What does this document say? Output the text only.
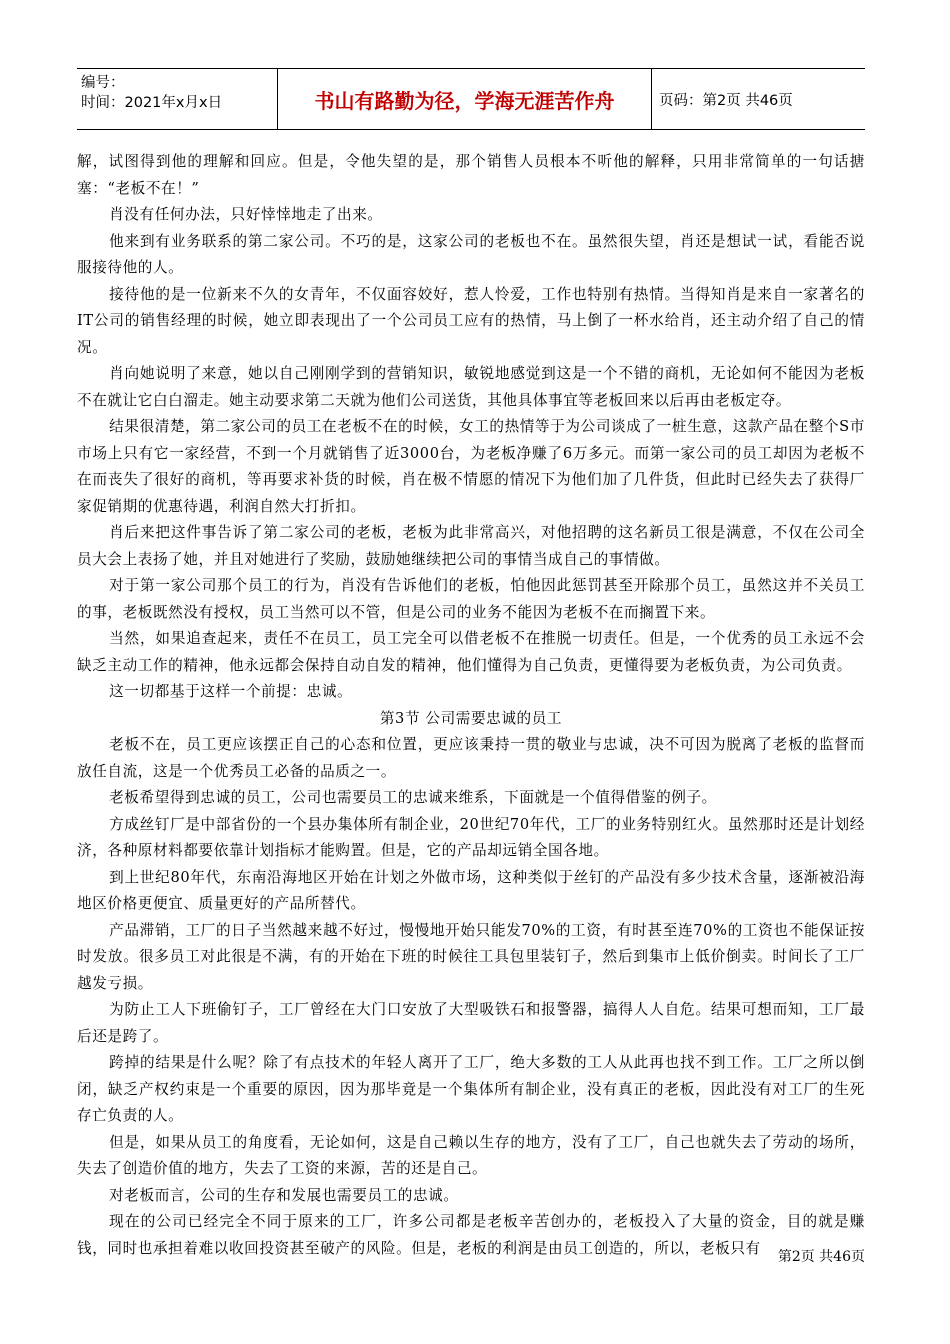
编号：
时间：2021年x月x日	书山有路勤为径，学海无涯苦作舟	页码：第2页 共46页

解，试图得到他的理解和回应。但是，令他失望的是，那个销售人员根本不听他的解释，只用非常简单的一句话搪塞：“老板不在！”

肖没有任何办法，只好悻悻地走了出来。

他来到有业务联系的第二家公司。不巧的是，这家公司的老板也不在。虽然很失望，肖还是想试一试，看能否说服接待他的人。

接待他的是一位新来不久的女青年，不仅面容姣好，惹人怜爱，工作也特别有热情。当得知肖是来自一家著名的IT公司的销售经理的时候，她立即表现出了一个公司员工应有的热情，马上倒了一杯水给肖，还主动介绍了自己的情况。

肖向她说明了来意，她以自己刚刚学到的营销知识，敏锐地感觉到这是一个不错的商机，无论如何不能因为老板不在就让它白白溜走。她主动要求第二天就为他们公司送货，其他具体事宜等老板回来以后再由老板定夺。

结果很清楚，第二家公司的员工在老板不在的时候，女工的热情等于为公司谈成了一桩生意，这款产品在整个S市市场上只有它一家经营，不到一个月就销售了近3000台，为老板净赚了6万多元。而第一家公司的员工却因为老板不在而丧失了很好的商机，等再要求补货的时候，肖在极不情愿的情况下为他们加了几件货，但此时已经失去了获得厂家促销期的优惠待遇，利润自然大打折扣。

肖后来把这件事告诉了第二家公司的老板，老板为此非常高兴，对他招聘的这名新员工很是满意，不仅在公司全员大会上表扬了她，并且对她进行了奖励，鼓励她继续把公司的事情当成自己的事情做。

对于第一家公司那个员工的行为，肖没有告诉他们的老板，怕他因此惩罚甚至开除那个员工，虽然这并不关员工的事，老板既然没有授权，员工当然可以不管，但是公司的业务不能因为老板不在而搁置下来。

当然，如果追查起来，责任不在员工，员工完全可以借老板不在推脱一切责任。但是，一个优秀的员工永远不会缺乏主动工作的精神，他永远都会保持自动自发的精神，他们懂得为自己负责，更懂得要为老板负责，为公司负责。

这一切都基于这样一个前提：忠诚。

第3节 公司需要忠诚的员工

老板不在，员工更应该摆正自己的心态和位置，更应该秉持一贯的敬业与忠诚，决不可因为脱离了老板的监督而放任自流，这是一个优秀员工必备的品质之一。

老板希望得到忠诚的员工，公司也需要员工的忠诚来维系，下面就是一个值得借鉴的例子。

方成丝钉厂是中部省份的一个县办集体所有制企业，20世纪70年代，工厂的业务特别红火。虽然那时还是计划经济，各种原材料都要依靠计划指标才能购置。但是，它的产品却远销全国各地。

到上世纪80年代，东南沿海地区开始在计划之外做市场，这种类似于丝钉的产品没有多少技术含量，逐渐被沿海地区价格更便宜、质量更好的产品所替代。

产品滞销，工厂的日子当然越来越不好过，慢慢地开始只能发70%的工资，有时甚至连70%的工资也不能保证按时发放。很多员工对此很是不满，有的开始在下班的时候往工具包里装钉子，然后到集市上低价倒卖。时间长了工厂越发亏损。

为防止工人下班偷钉子，工厂曾经在大门口安放了大型吸铁石和报警器，搞得人人自危。结果可想而知，工厂最后还是跨了。

跨掉的结果是什么呢？除了有点技术的年轻人离开了工厂，绝大多数的工人从此再也找不到工作。工厂之所以倒闭，缺乏产权约束是一个重要的原因，因为那毕竟是一个集体所有制企业，没有真正的老板，因此没有对工厂的生死存亡负责的人。

但是，如果从员工的角度看，无论如何，这是自己赖以生存的地方，没有了工厂，自己也就失去了劳动的场所，失去了创造价值的地方，失去了工资的来源，苦的还是自己。

对老板而言，公司的生存和发展也需要员工的忠诚。

现在的公司已经完全不同于原来的工厂，许多公司都是老板辛苦创办的，老板投入了大量的资金，目的就是赚钱，同时也承担着难以收回投资甚至破产的风险。但是，老板的利润是由员工创造的，所以，老板只有

第2页 共46页
